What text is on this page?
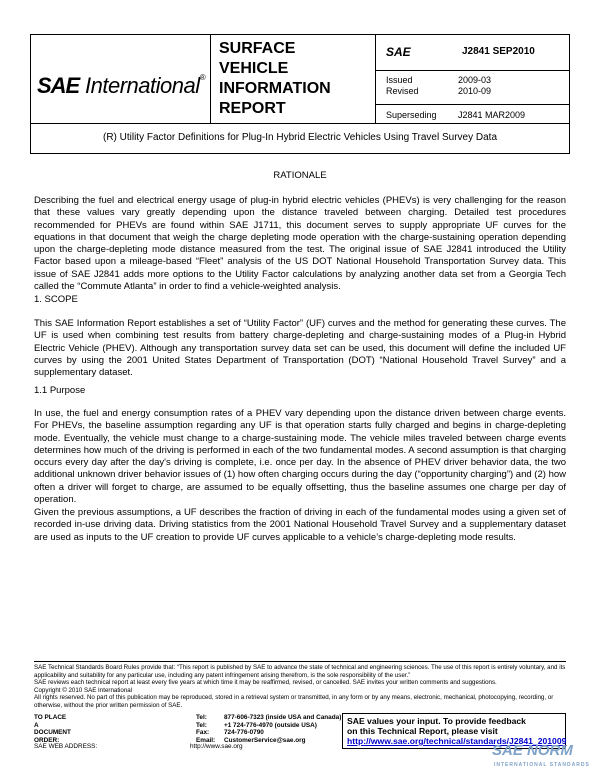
SAE International®
SURFACE
VEHICLE
INFORMATION
REPORT
SAE	J2841 SEP2010
Issued	2009-03
Revised	2010-09
Superseding J2841 MAR2009
(R) Utility Factor Definitions for Plug-In Hybrid Electric Vehicles Using Travel Survey Data
RATIONALE
Describing the fuel and electrical energy usage of plug-in hybrid electric vehicles (PHEVs) is very challenging for the reason that these values vary greatly depending upon the distance traveled between charging. Detailed test procedures recommended for PHEVs are found within SAE J1711, this document serves to supply appropriate UF curves for the equations in that document that weigh the charge depleting mode operation with the charge-sustaining operation depending upon the charge-depleting mode distance measured from the test. The original issue of SAE J2841 introduced the Utility Factor based upon a mileage-based “Fleet” analysis of the US DOT National Household Transportation Survey data. This issue of SAE J2841 adds more options to the Utility Factor calculations by analyzing another data set from a Georgia Tech called the “Commute Atlanta” in order to find a vehicle-weighted analysis.
1. SCOPE
This SAE Information Report establishes a set of “Utility Factor” (UF) curves and the method for generating these curves. The UF is used when combining test results from battery charge-depleting and charge-sustaining modes of a Plug-in Hybrid Electric Vehicle (PHEV). Although any transportation survey data set can be used, this document will define the included UF curves by using the 2001 United States Department of Transportation (DOT) “National Household Travel Survey” and a supplementary dataset.
1.1 Purpose
In use, the fuel and energy consumption rates of a PHEV vary depending upon the distance driven between charge events. For PHEVs, the baseline assumption regarding any UF is that operation starts fully charged and begins in charge-depleting mode. Eventually, the vehicle must change to a charge-sustaining mode. The vehicle miles traveled between charge events determines how much of the driving is performed in each of the two fundamental modes. A second assumption is that charging occurs every day after the day's driving is complete, i.e. once per day. In the absence of PHEV driver behavior data, the two additional unknown driver behavior issues of (1) how often charging occurs during the day (“opportunity charging”) and (2) how often a driver will forget to charge, are assumed to be equally offsetting, thus the baseline assumes one charge per day of operation.
Given the previous assumptions, a UF describes the fraction of driving in each of the fundamental modes using a given set of recorded in-use driving data. Driving statistics from the 2001 National Household Travel Survey and a supplementary dataset are used as inputs to the UF creation to provide UF curves applicable to a vehicle’s charge-depleting mode results.
SAE Technical Standards Board Rules provide that: “This report is published by SAE to advance the state of technical and engineering sciences. The use of this report is entirely voluntary, and its applicability and suitability for any particular use, including any patent infringement arising therefrom, is the sole responsibility of the user.”
SAE reviews each technical report at least every five years at which time it may be reaffirmed, revised, or cancelled. SAE invites your written comments and suggestions.
Copyright © 2010 SAE International
All rights reserved. No part of this publication may be reproduced, stored in a retrieval system or transmitted, in any form or by any means, electronic, mechanical, photocopying, recording, or otherwise, without the prior written permission of SAE.
TO PLACE A DOCUMENT ORDER:
Tel:	877-606-7323 (inside USA and Canada)
Tel:	+1 724-776-4970 (outside USA)
Fax: 724-776-0790
Email: CustomerService@sae.org
SAE WEB ADDRESS:	http://www.sae.org
SAE values your input. To provide feedback
on this Technical Report, please visit
http://www.sae.org/technical/standards/J2841_201009
SAE NORM
INTERNATIONAL STANDARDS
